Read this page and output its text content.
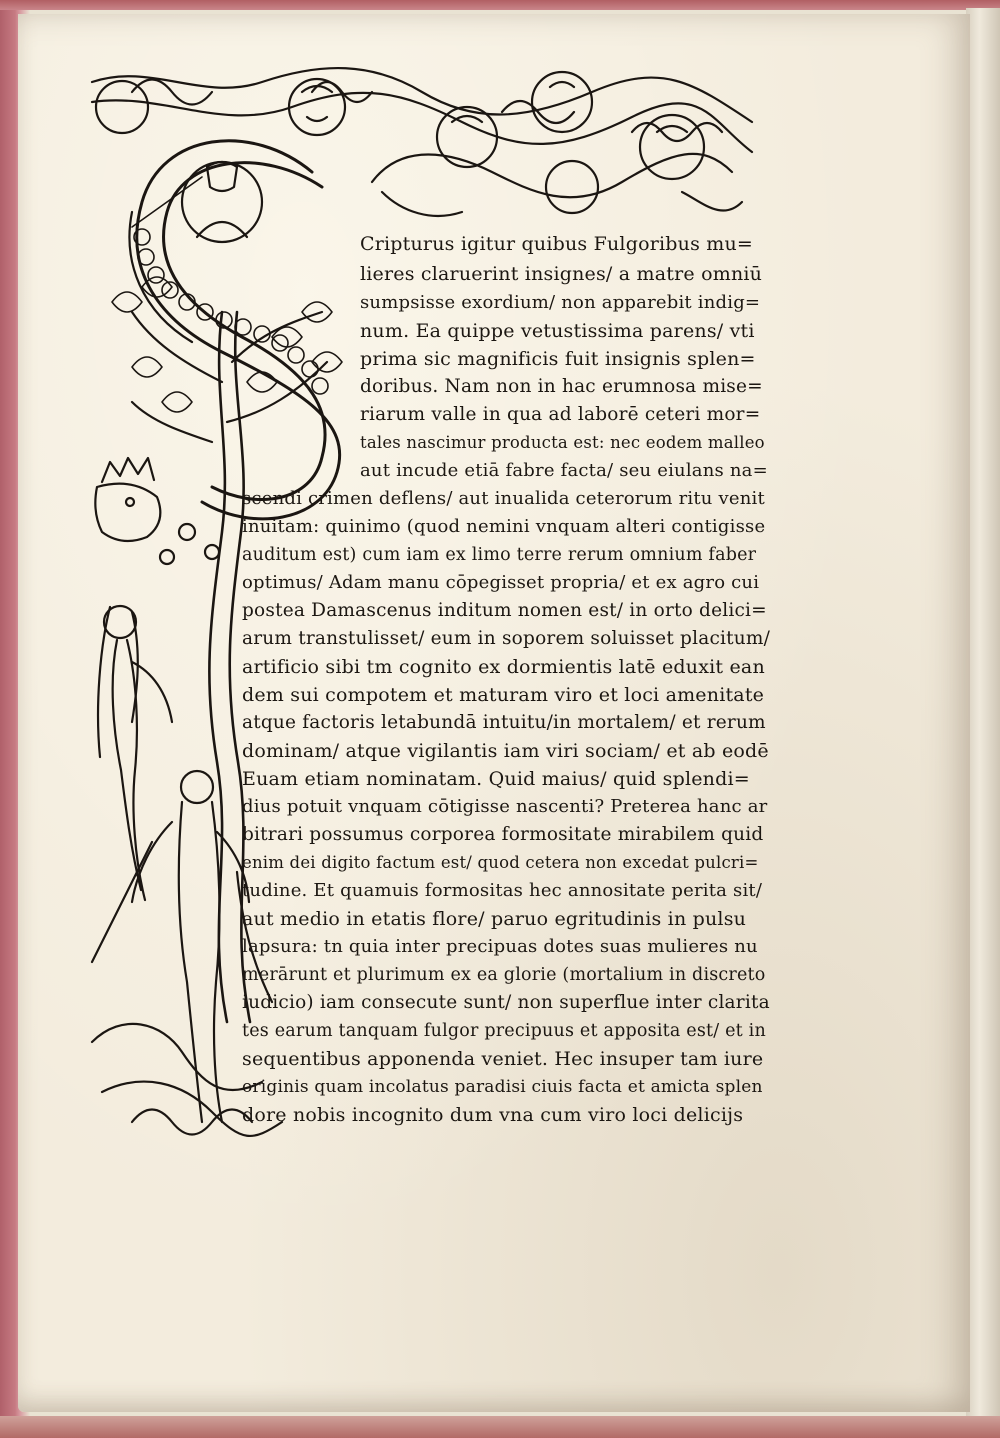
Cripturus igitur quibus Fulgoribus mu=
lieres claruerint insignes/ a matre omniū
sumpsisse exordium/ non apparebit indig=
num. Ea quippe vetustissima parens/ vti
prima sic magnificis fuit insignis splen=
doribus. Nam non in hac erumnosa mise=
riarum valle in qua ad laborē ceteri mor=
tales nascimur producta est: nec eodem malleo
aut incude etiā fabre facta/ seu eiulans na=
scendi crimen deflens/ aut inualida ceterorum ritu venit
inuitam: quinimo (quod nemini vnquam alteri contigisse
auditum est) cum iam ex limo terre rerum omnium faber
optimus/ Adam manu cōpegisset propria/ et ex agro cui
postea Damascenus inditum nomen est/ in orto delici=
arum transtulisset/ eum in soporem soluisset placitum/
artificio sibi tm cognito ex dormientis latē eduxit ean
dem sui compotem et maturam viro et loci amenitate
atque factoris letabundā intuitu/in mortalem/ et rerum
dominam/ atque vigilantis iam viri sociam/ et ab eodē
Euam etiam nominatam. Quid maius/ quid splendi=
dius potuit vnquam cōtigisse nascenti? Preterea hanc ar
bitrari possumus corporea formositate mirabilem quid
enim dei digito factum est/ quod cetera non excedat pulcri=
tudine. Et quamuis formositas hec annositate perita sit/
aut medio in etatis flore/ paruo egritudinis in pulsu
lapsura: tn quia inter precipuas dotes suas mulieres nu
merārunt et plurimum ex ea glorie (mortalium in discreto
iudicio) iam consecute sunt/ non superflue inter clarita
tes earum tanquam fulgor precipuus et apposita est/ et in
sequentibus apponenda veniet. Hec insuper tam iure
originis quam incolatus paradisi ciuis facta et amicta splen
dore nobis incognito dum vna cum viro loci delicijs
